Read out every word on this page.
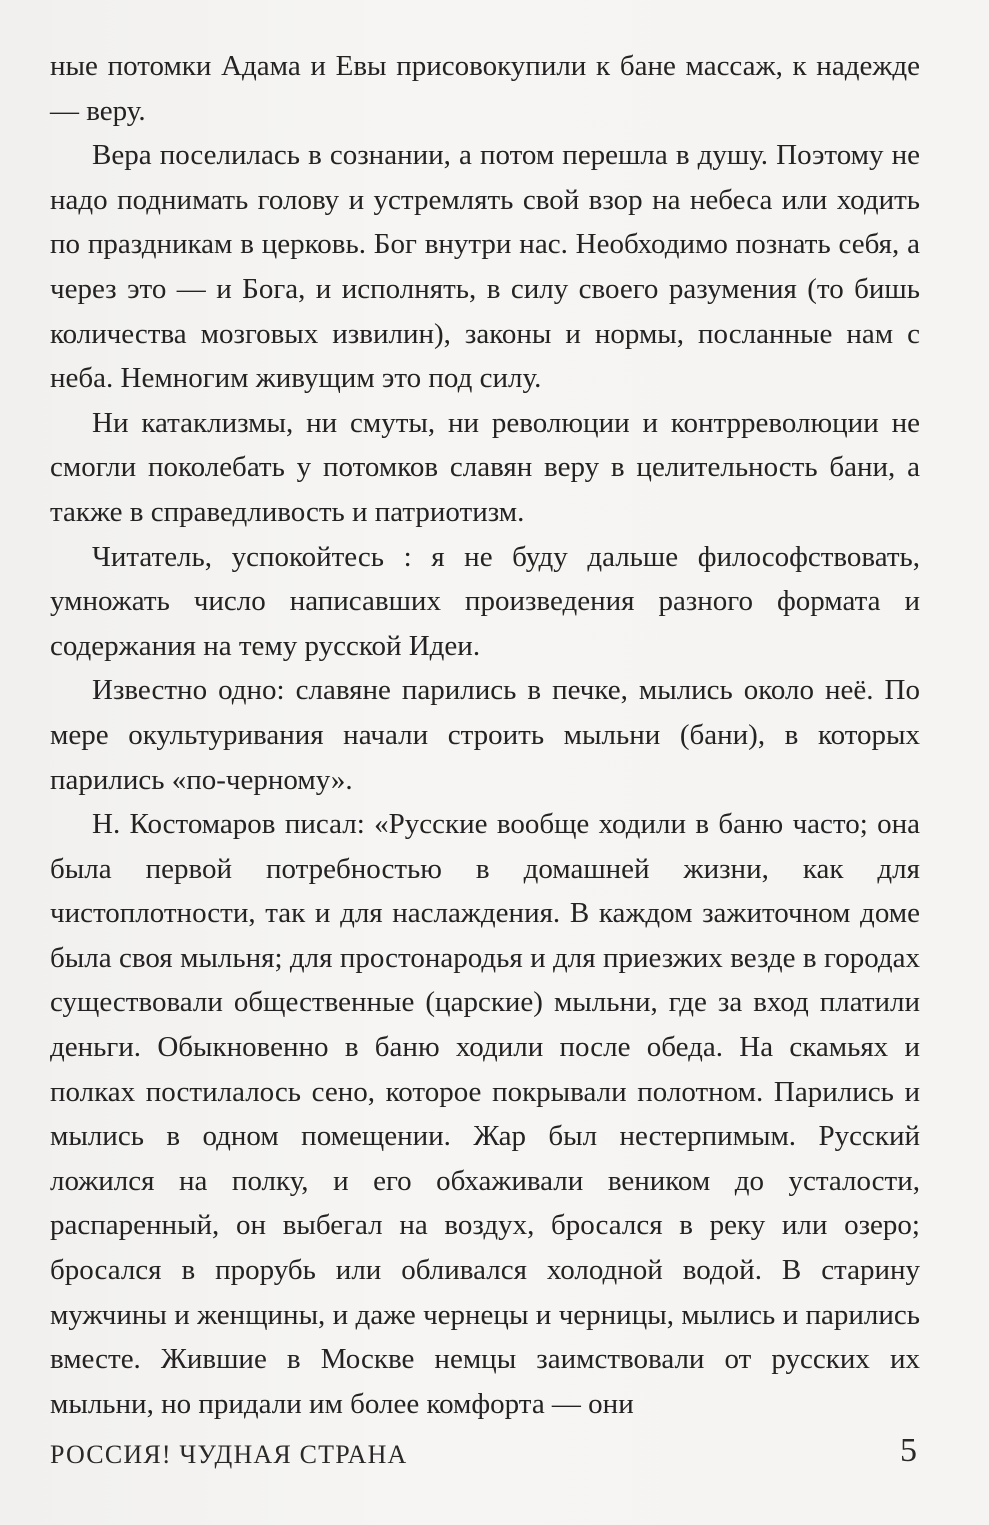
ные потомки Адама и Евы присовокупили к бане массаж, к надежде — веру.

Вера поселилась в сознании, а потом перешла в душу. Поэтому не надо поднимать голову и устремлять свой взор на небеса или ходить по праздникам в церковь. Бог внутри нас. Необходимо познать себя, а через это — и Бога, и исполнять, в силу своего разумения (то бишь количества мозговых извилин), законы и нормы, посланные нам с неба. Немногим живущим это под силу.

Ни катаклизмы, ни смуты, ни революции и контрреволюции не смогли поколебать у потомков славян веру в целительность бани, а также в справедливость и патриотизм.

Читатель, успокойтесь : я не буду дальше философствовать, умножать число написавших произведения разного формата и содержания на тему русской Идеи.

Известно одно: славяне парились в печке, мылись около неё. По мере окультуривания начали строить мыльни (бани), в которых парились «по-черному».

Н. Костомаров писал: «Русские вообще ходили в баню часто; она была первой потребностью в домашней жизни, как для чистоплотности, так и для наслаждения. В каждом зажиточном доме была своя мыльня; для простонародья и для приезжих везде в городах существовали общественные (царские) мыльни, где за вход платили деньги. Обыкновенно в баню ходили после обеда. На скамьях и полках постилалось сено, которое покрывали полотном. Парились и мылись в одном помещении. Жар был нестерпимым. Русский ложился на полку, и его обхаживали веником до усталости, распаренный, он выбегал на воздух, бросался в реку или озеро; бросался в прорубь или обливался холодной водой. В старину мужчины и женщины, и даже чернецы и черницы, мылись и парились вместе. Жившие в Москве немцы заимствовали от русских их мыльни, но придали им более комфорта — они

РОССИЯ! ЧУДНАЯ СТРАНА	5
